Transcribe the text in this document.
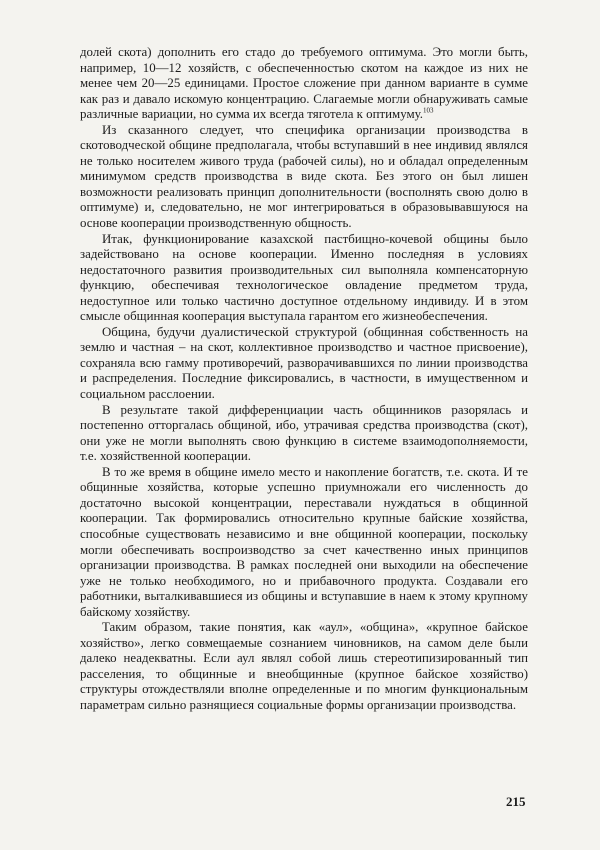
долей скота) дополнить его стадо до требуемого оптимума. Это могли быть, например, 10—12 хозяйств, с обеспеченностью скотом на каждое из них не менее чем 20—25 единицами. Простое сложение при данном варианте в сумме как раз и давало искомую концентрацию. Слагаемые могли обнаруживать самые различные вариации, но сумма их всегда тяготела к оптимуму.$^{103}$

Из сказанного следует, что специфика организации производства в скотоводческой общине предполагала, чтобы вступавший в нее индивид являлся не только носителем живого труда (рабочей силы), но и обладал определенным минимумом средств производства в виде скота. Без этого он был лишен возможности реализовать принцип дополнительности (восполнять свою долю в оптимуме) и, следовательно, не мог интегрироваться в образовывавшуюся на основе кооперации производственную общность.

Итак, функционирование казахской пастбищно-кочевой общины было задействовано на основе кооперации. Именно последняя в условиях недостаточного развития производительных сил выполняла компенсаторную функцию, обеспечивая технологическое овладение предметом труда, недоступное или только частично доступное отдельному индивиду. И в этом смысле общинная кооперация выступала гарантом его жизнеобеспечения.

Община, будучи дуалистической структурой (общинная собственность на землю и частная – на скот, коллективное производство и частное присвоение), сохраняла всю гамму противоречий, разворачивавшихся по линии производства и распределения. Последние фиксировались, в частности, в имущественном и социальном расслоении.

В результате такой дифференциации часть общинников разорялась и постепенно отторгалась общиной, ибо, утрачивая средства производства (скот), они уже не могли выполнять свою функцию в системе взаимодополняемости, т.е. хозяйственной кооперации.

В то же время в общине имело место и накопление богатств, т.е. скота. И те общинные хозяйства, которые успешно приумножали его численность до достаточно высокой концентрации, переставали нуждаться в общинной кооперации. Так формировались относительно крупные байские хозяйства, способные существовать независимо и вне общинной кооперации, поскольку могли обеспечивать воспроизводство за счет качественно иных принципов организации производства. В рамках последней они выходили на обеспечение уже не только необходимого, но и прибавочного продукта. Создавали его работники, выталкивавшиеся из общины и вступавшие в наем к этому крупному байскому хозяйству.

Таким образом, такие понятия, как «аул», «община», «крупное байское хозяйство», легко совмещаемые сознанием чиновников, на самом деле были далеко неадекватны. Если аул являл собой лишь стереотипизированный тип расселения, то общинные и внеобщинные (крупное байское хозяйство) структуры отождествляли вполне определенные и по многим функциональным параметрам сильно разнящиеся социальные формы организации производства.

215
